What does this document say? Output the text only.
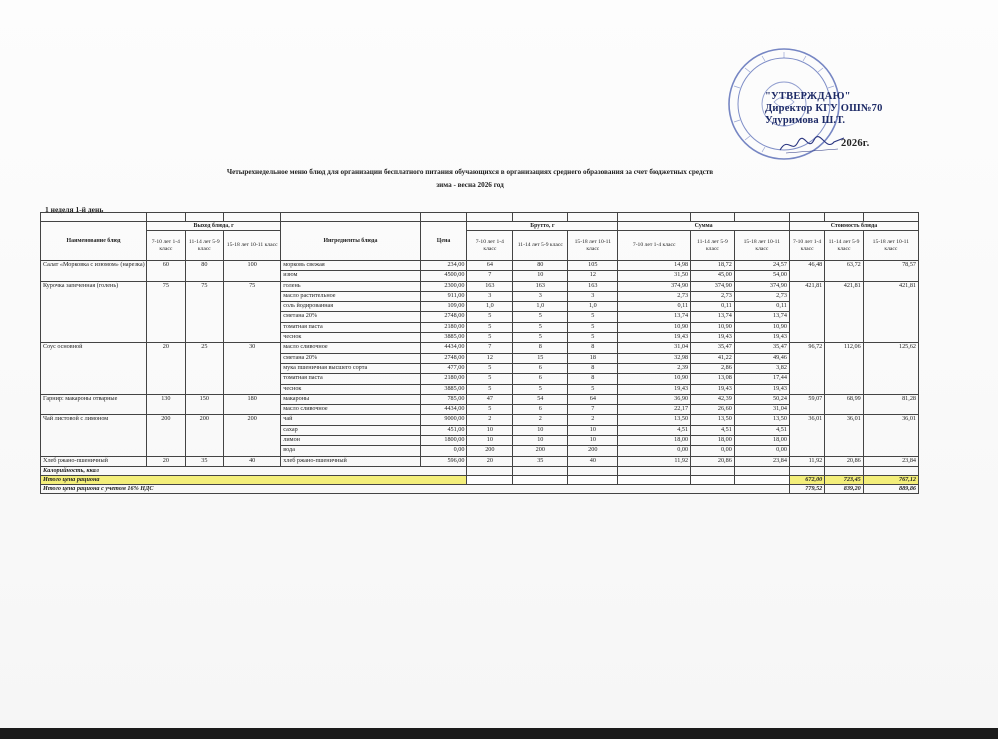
"УТВЕРЖДАЮ"
Директор КГУ ОШ№70
Удуримова Ш.Т.
2026г.
Четырехнедельное меню блюд для организации бесплатного питания обучающихся в организациях среднего образования за счет бюджетных средств
зима - весна 2026 год
1 неделя 1-й день

Наименование блюд	Выход блюда, г			Ингредиенты блюда	Цена	Брутто, г			Сумма			Стоимость блюда		
	7-10 лет 1-4 класс	11-14 лет 5-9 класс	15-18 лет 10-11 класс			7-10 лет 1-4 класс	11-14 лет 5-9 класс	15-18 лет 10-11 класс	7-10 лет 1-4 класс	11-14 лет 5-9 класс	15-18 лет 10-11 класс	7-10 лет 1-4 класс	11-14 лет 5-9 класс	15-18 лет 10-11 класс
Салат «Морковка с изюмом» (нарезка)	60	80	100	морковь свежая	234,00	64	80	105	14,98	18,72	24,57	46,48	63,72	78,57
				изюм	4500,00	7	10	12	31,50	45,00	54,00			
Курочка запеченная (голень)	75	75	75	голень	2300,00	163	163	163	374,90	374,90	374,90	421,81	421,81	421,81
				масло растительное	911,00	3	3	3	2,73	2,73	2,73			
				соль йодированная	109,00	1,0	1,0	1,0	0,11	0,11	0,11			
				сметана 20%	2748,00	5	5	5	13,74	13,74	13,74			
				томатная паста	2180,00	5	5	5	10,90	10,90	10,90			
				чеснок	3885,00	5	5	5	19,43	19,43	19,43			
Соус основной	20	25	30	масло сливочное	4434,00	7	8	8	31,04	35,47	35,47	96,72	112,06	125,62
				сметана 20%	2748,00	12	15	18	32,98	41,22	49,46			
				мука пшеничная высшего сорта	477,00	5	6	8	2,39	2,86	3,82			
				томатная паста	2180,00	5	6	8	10,90	13,08	17,44			
				чеснок	3885,00	5	5	5	19,43	19,43	19,43			
Гарнир: макароны отварные	130	150	180	макароны	785,00	47	54	64	36,90	42,39	50,24	59,07	68,99	81,28
				масло сливочное	4434,00	5	6	7	22,17	26,60	31,04			
Чай листовой с лимоном	200	200	200	чай	9000,00	2	2	2	13,50	13,50	13,50	36,01	36,01	36,01
				сахар	451,00	10	10	10	4,51	4,51	4,51			
				лимон	1800,00	10	10	10	18,00	18,00	18,00			
				вода	0,00	200	200	200	0,00	0,00	0,00			
Хлеб ржано-пшеничный	20	35	40	хлеб ржано-пшеничный	596,00	20	35	40	11,92	20,86	23,84	11,92	20,86	23,84
Калорийность, ккал														
Итого цена рациона												672,00	723,45	767,12
Итого цена рациона с учетом 16% НДС												779,52	839,20	889,86
